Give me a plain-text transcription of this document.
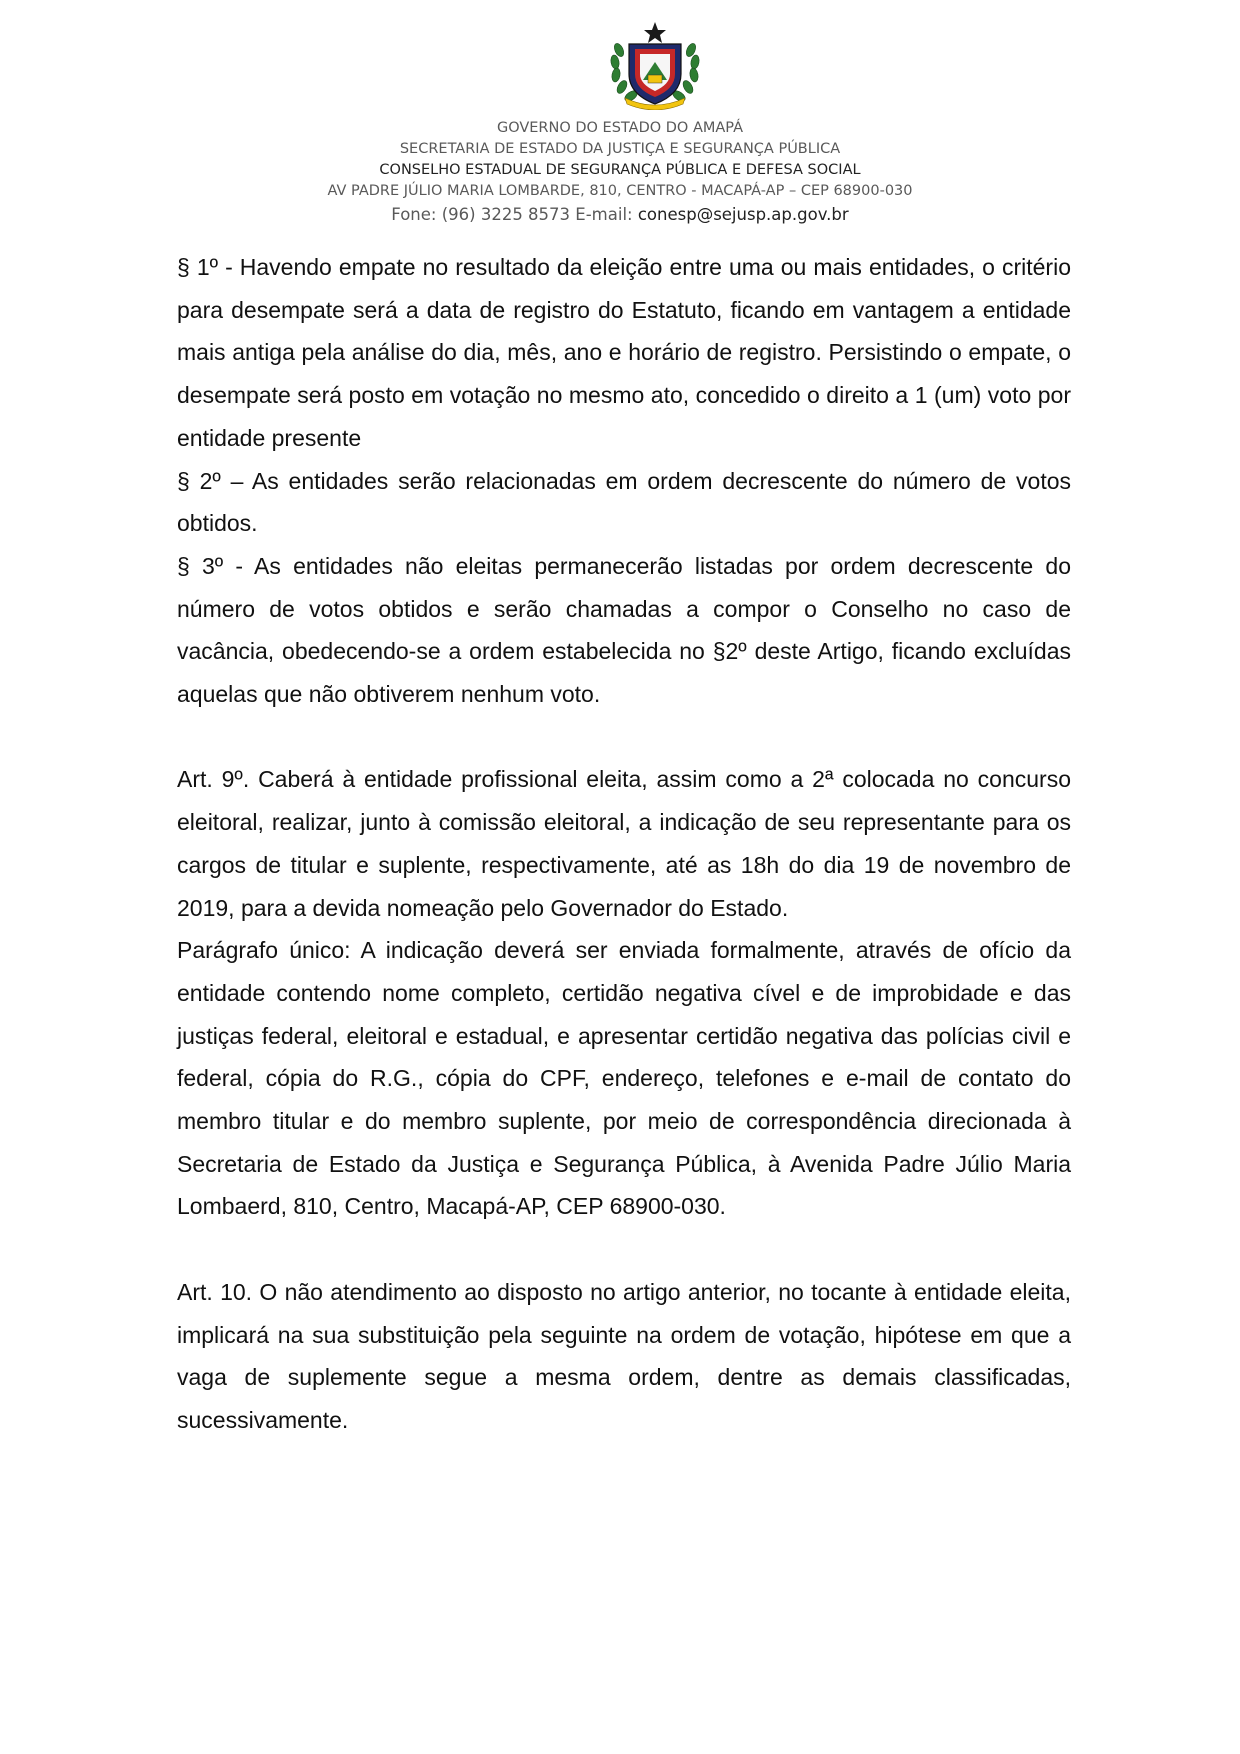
GOVERNO DO ESTADO DO AMAPÁ
SECRETARIA DE ESTADO DA JUSTIÇA E SEGURANÇA PÚBLICA
CONSELHO ESTADUAL DE SEGURANÇA PÚBLICA E DEFESA SOCIAL
AV PADRE JÚLIO MARIA LOMBARDE, 810, CENTRO - MACAPÁ-AP – CEP 68900-030
Fone: (96) 3225 8573 E-mail: conesp@sejusp.ap.gov.br

§ 1º - Havendo empate no resultado da eleição entre uma ou mais entidades, o critério para desempate será a data de registro do Estatuto, ficando em vantagem a entidade mais antiga pela análise do dia, mês, ano e horário de registro. Persistindo o empate, o desempate será posto em votação no mesmo ato, concedido o direito a 1 (um) voto por entidade presente

§ 2º – As entidades serão relacionadas em ordem decrescente do número de votos obtidos.

§ 3º - As entidades não eleitas permanecerão listadas por ordem decrescente do número de votos obtidos e serão chamadas a compor o Conselho no caso de vacância, obedecendo-se a ordem estabelecida no §2º deste Artigo, ficando excluídas aquelas que não obtiverem nenhum voto.

Art. 9º. Caberá à entidade profissional eleita, assim como a 2ª colocada no concurso eleitoral, realizar, junto à comissão eleitoral, a indicação de seu representante para os cargos de titular e suplente, respectivamente, até as 18h do dia 19 de novembro de 2019, para a devida nomeação pelo Governador do Estado.

Parágrafo único: A indicação deverá ser enviada formalmente, através de ofício da entidade contendo nome completo, certidão negativa cível e de improbidade e das justiças federal, eleitoral e estadual, e apresentar certidão negativa das polícias civil e federal, cópia do R.G., cópia do CPF, endereço, telefones e e-mail de contato do membro titular e do membro suplente, por meio de correspondência direcionada à Secretaria de Estado da Justiça e Segurança Pública, à Avenida Padre Júlio Maria Lombaerd, 810, Centro, Macapá-AP, CEP 68900-030.

Art. 10. O não atendimento ao disposto no artigo anterior, no tocante à entidade eleita, implicará na sua substituição pela seguinte na ordem de votação, hipótese em que a vaga de suplemente segue a mesma ordem, dentre as demais classificadas, sucessivamente.
